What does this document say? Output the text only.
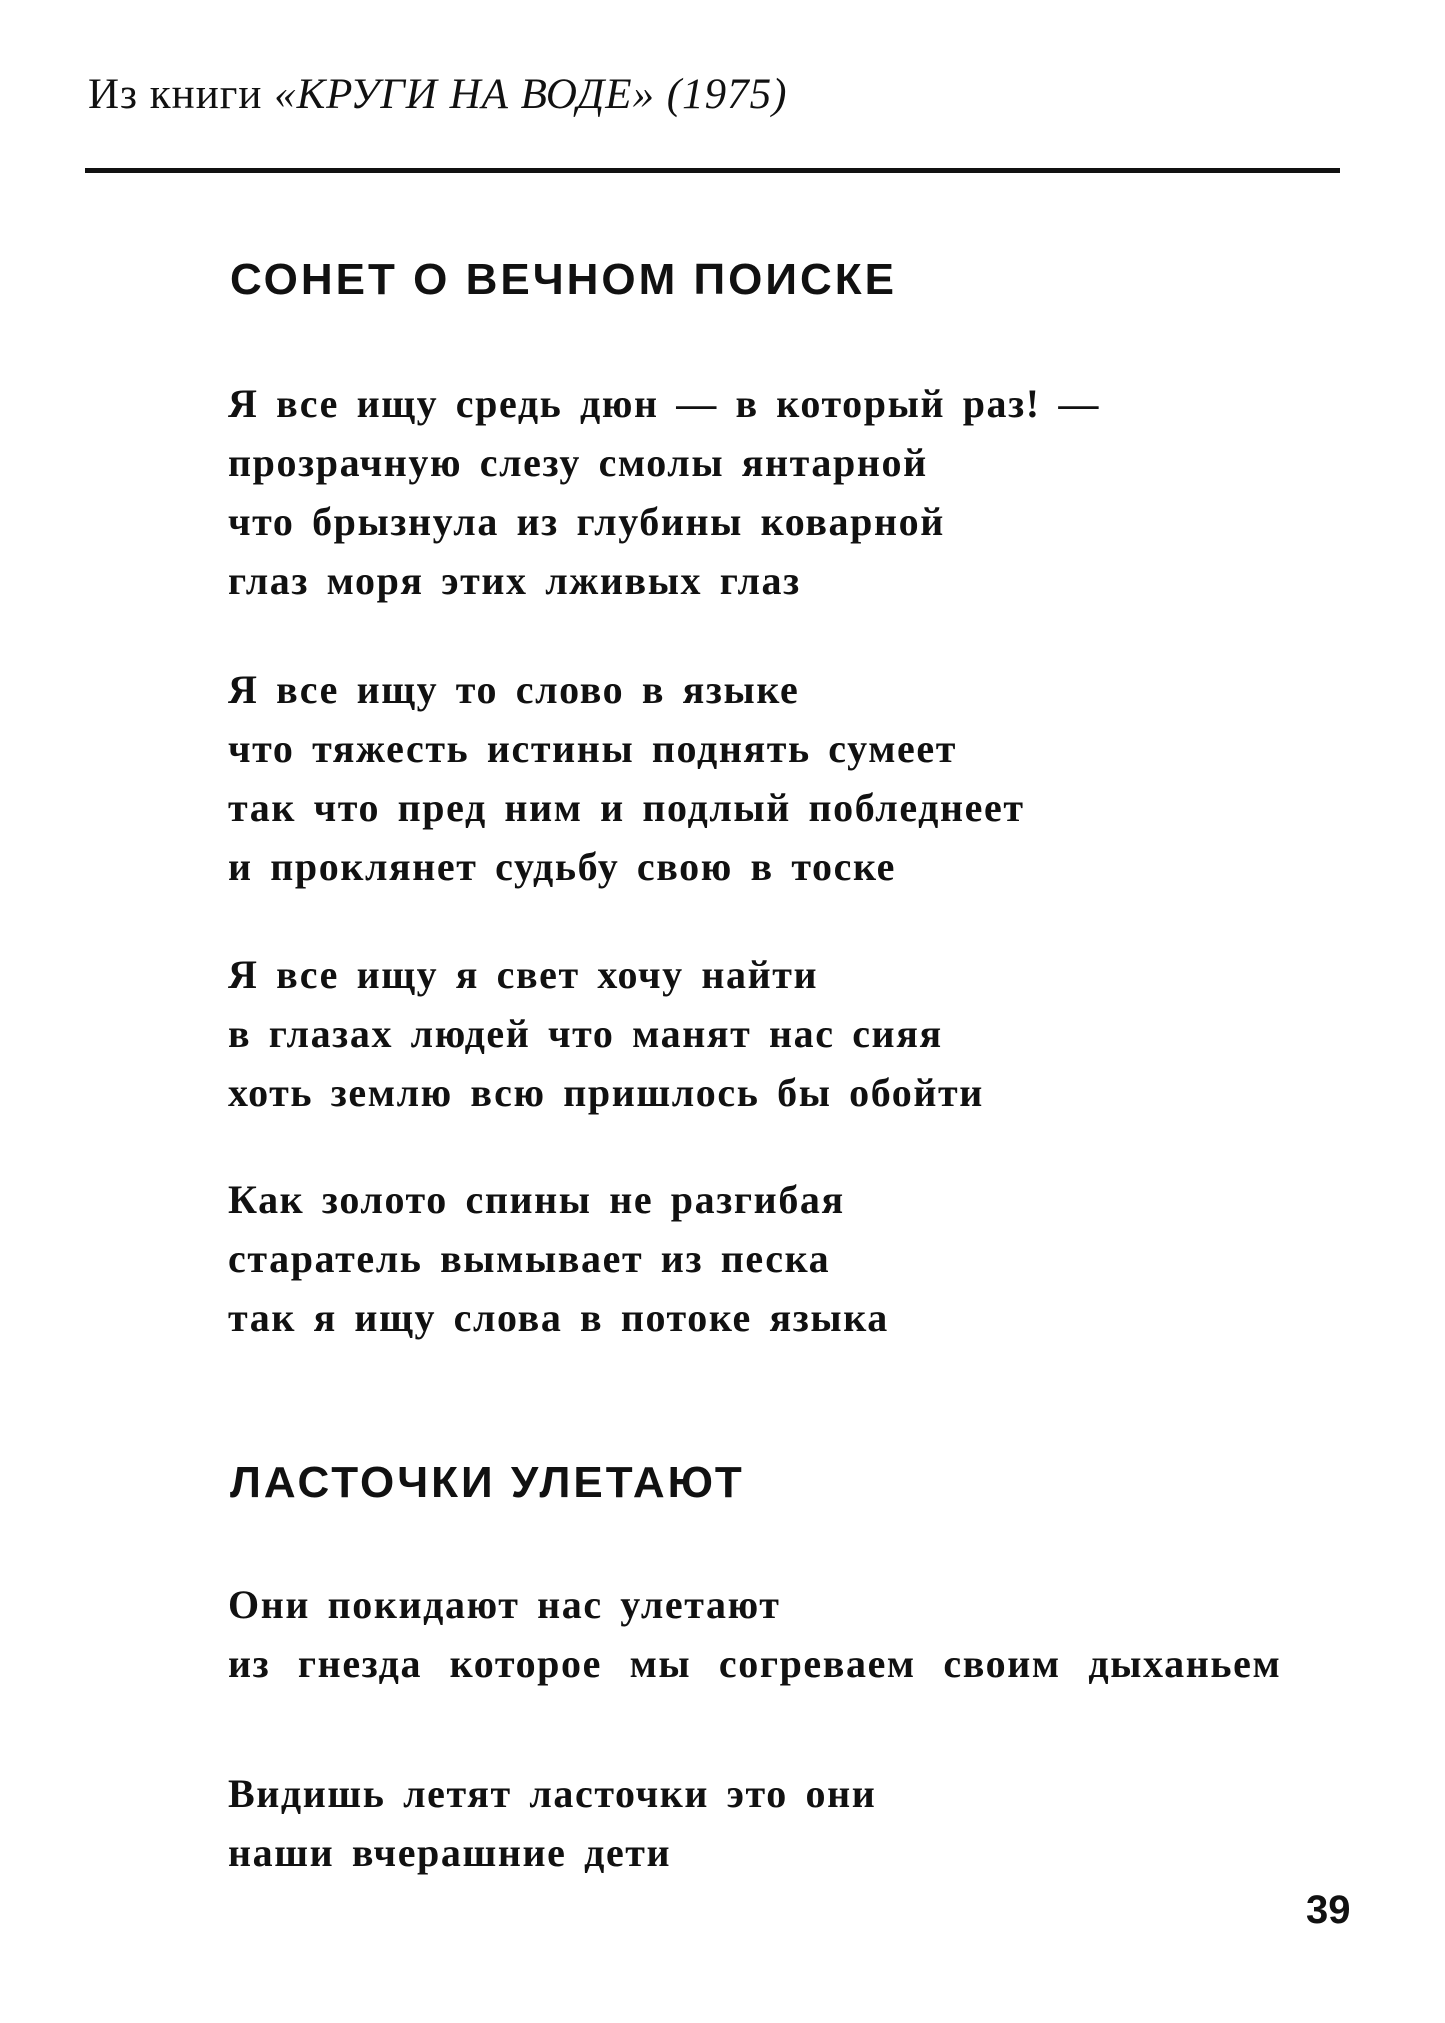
Из книги «КРУГИ НА ВОДЕ» (1975)
СОНЕТ О ВЕЧНОМ ПОИСКЕ
Я все ищу средь дюн — в который раз! —
прозрачную слезу смолы янтарной
что брызнула из глубины коварной
глаз моря этих лживых глаз
Я все ищу то слово в языке
что тяжесть истины поднять сумеет
так что пред ним и подлый побледнеет
и проклянет судьбу свою в тоске
Я все ищу я свет хочу найти
в глазах людей что манят нас сияя
хоть землю всю пришлось бы обойти
Как золото спины не разгибая
старатель вымывает из песка
так я ищу слова в потоке языка
ЛАСТОЧКИ УЛЕТАЮТ
Они покидают нас улетают
из гнезда которое мы согреваем своим дыханьем
Видишь летят ласточки это они
наши вчерашние дети
39
